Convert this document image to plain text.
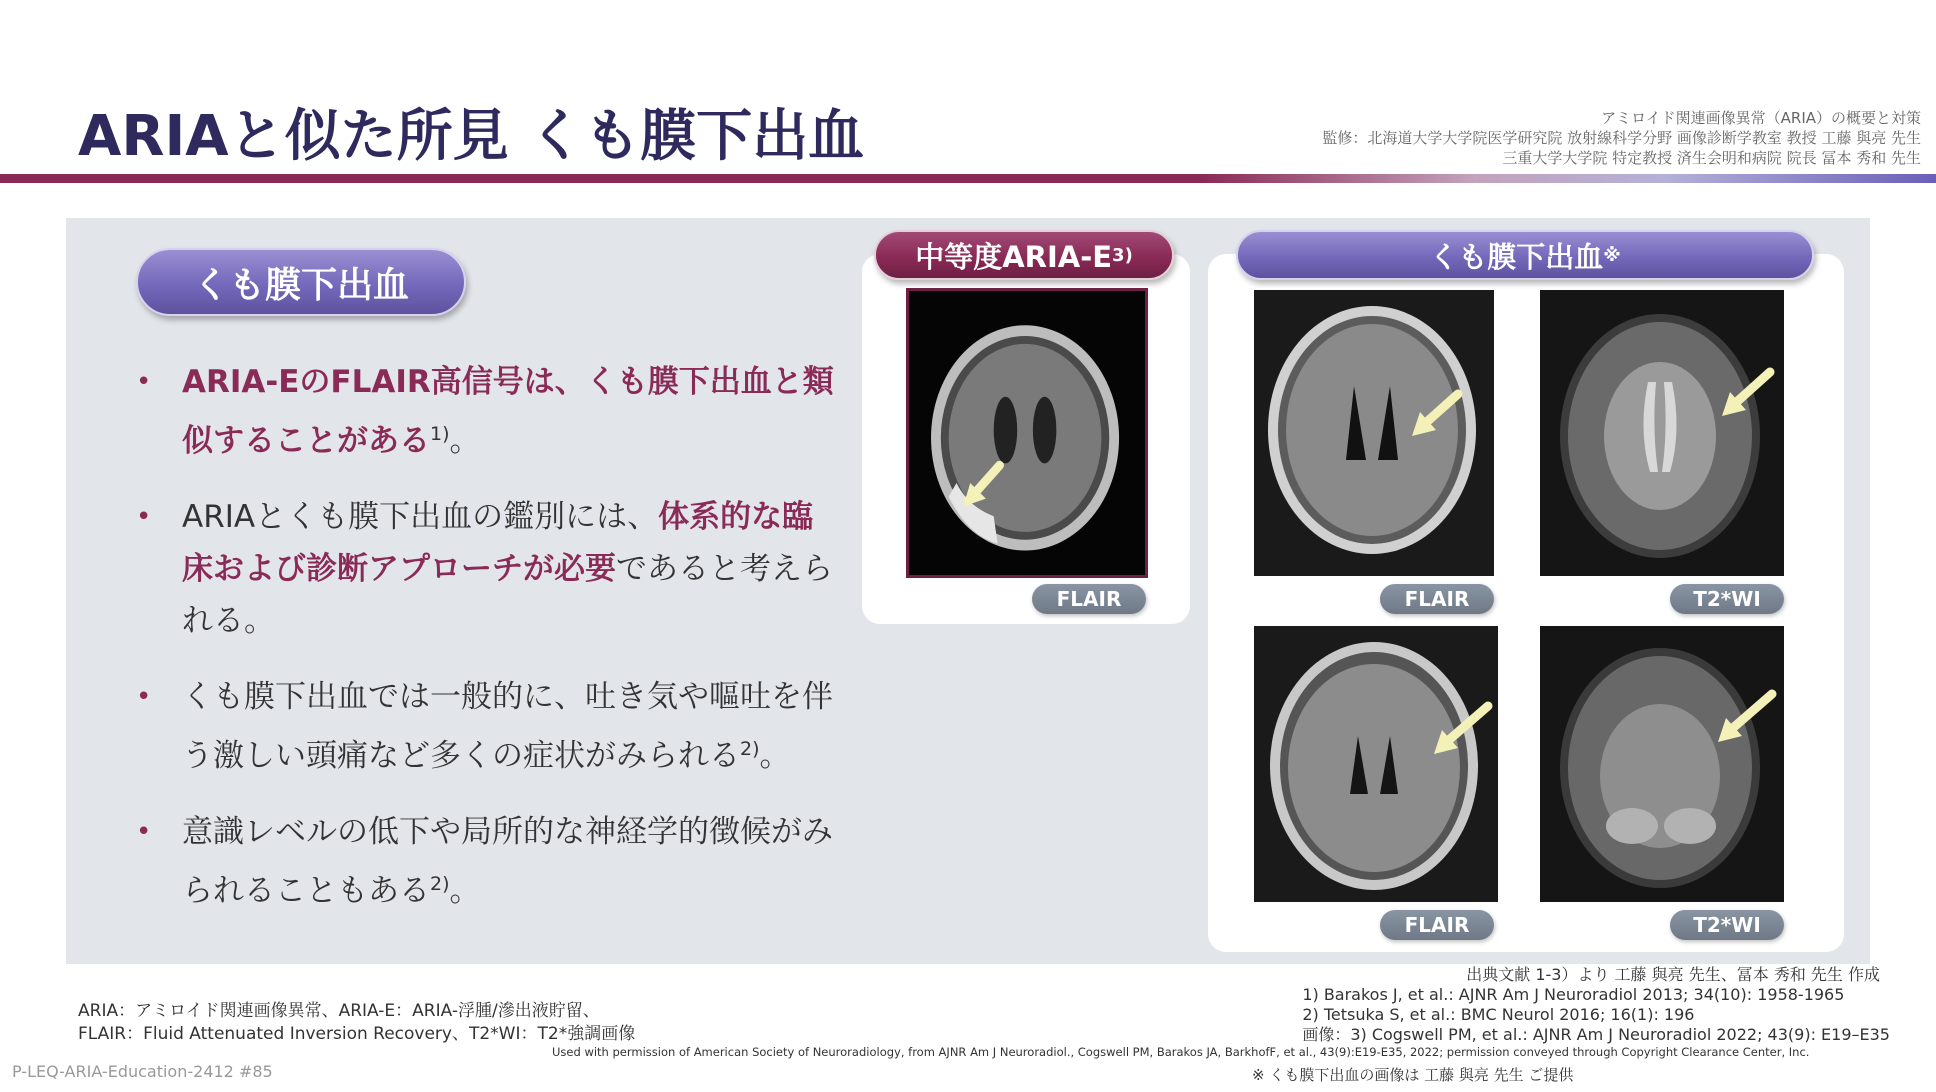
ARIAと似た所見 くも膜下出血	アミロイド関連画像異常（ARIA）の概要と対策
監修：北海道大学大学院医学研究院 放射線科学分野 画像診断学教室 教授 工藤 與亮 先生
三重大学大学院 特定教授 済生会明和病院 院長 冨本 秀和 先生
くも膜下出血
• ARIA-EのFLAIR高信号は、くも膜下出血と類似することがある$^{1)}$。
• ARIAとくも膜下出血の鑑別には、体系的な臨床および診断アプローチが必要であると考えられる。
• くも膜下出血では一般的に、吐き気や嘔吐を伴う激しい頭痛など多くの症状がみられる$^{2)}$。
• 意識レベルの低下や局所的な神経学的徴候がみられることもある$^{2)}$。
中等度ARIA-E 3)
FLAIR
くも膜下出血 ※
FLAIR	T2*WI
FLAIR	T2*WI
ARIA：アミロイド関連画像異常、ARIA-E：ARIA-浮腫/滲出液貯留、
FLAIR：Fluid Attenuated Inversion Recovery、T2*WI：T2*強調画像
出典文献 1-3）より 工藤 與亮 先生、冨本 秀和 先生 作成
1) Barakos J, et al.: AJNR Am J Neuroradiol 2013; 34(10): 1958-1965
2) Tetsuka S, et al.: BMC Neurol 2016; 16(1): 196
画像：3) Cogswell PM, et al.: AJNR Am J Neuroradiol 2022; 43(9): E19–E35
Used with permission of American Society of Neuroradiology, from AJNR Am J Neuroradiol., Cogswell PM, Barakos JA, BarkhofF, et al., 43(9):E19-E35, 2022; permission conveyed through Copyright Clearance Center, Inc.
※ くも膜下出血の画像は 工藤 與亮 先生 ご提供
P-LEQ-ARIA-Education-2412 #85
